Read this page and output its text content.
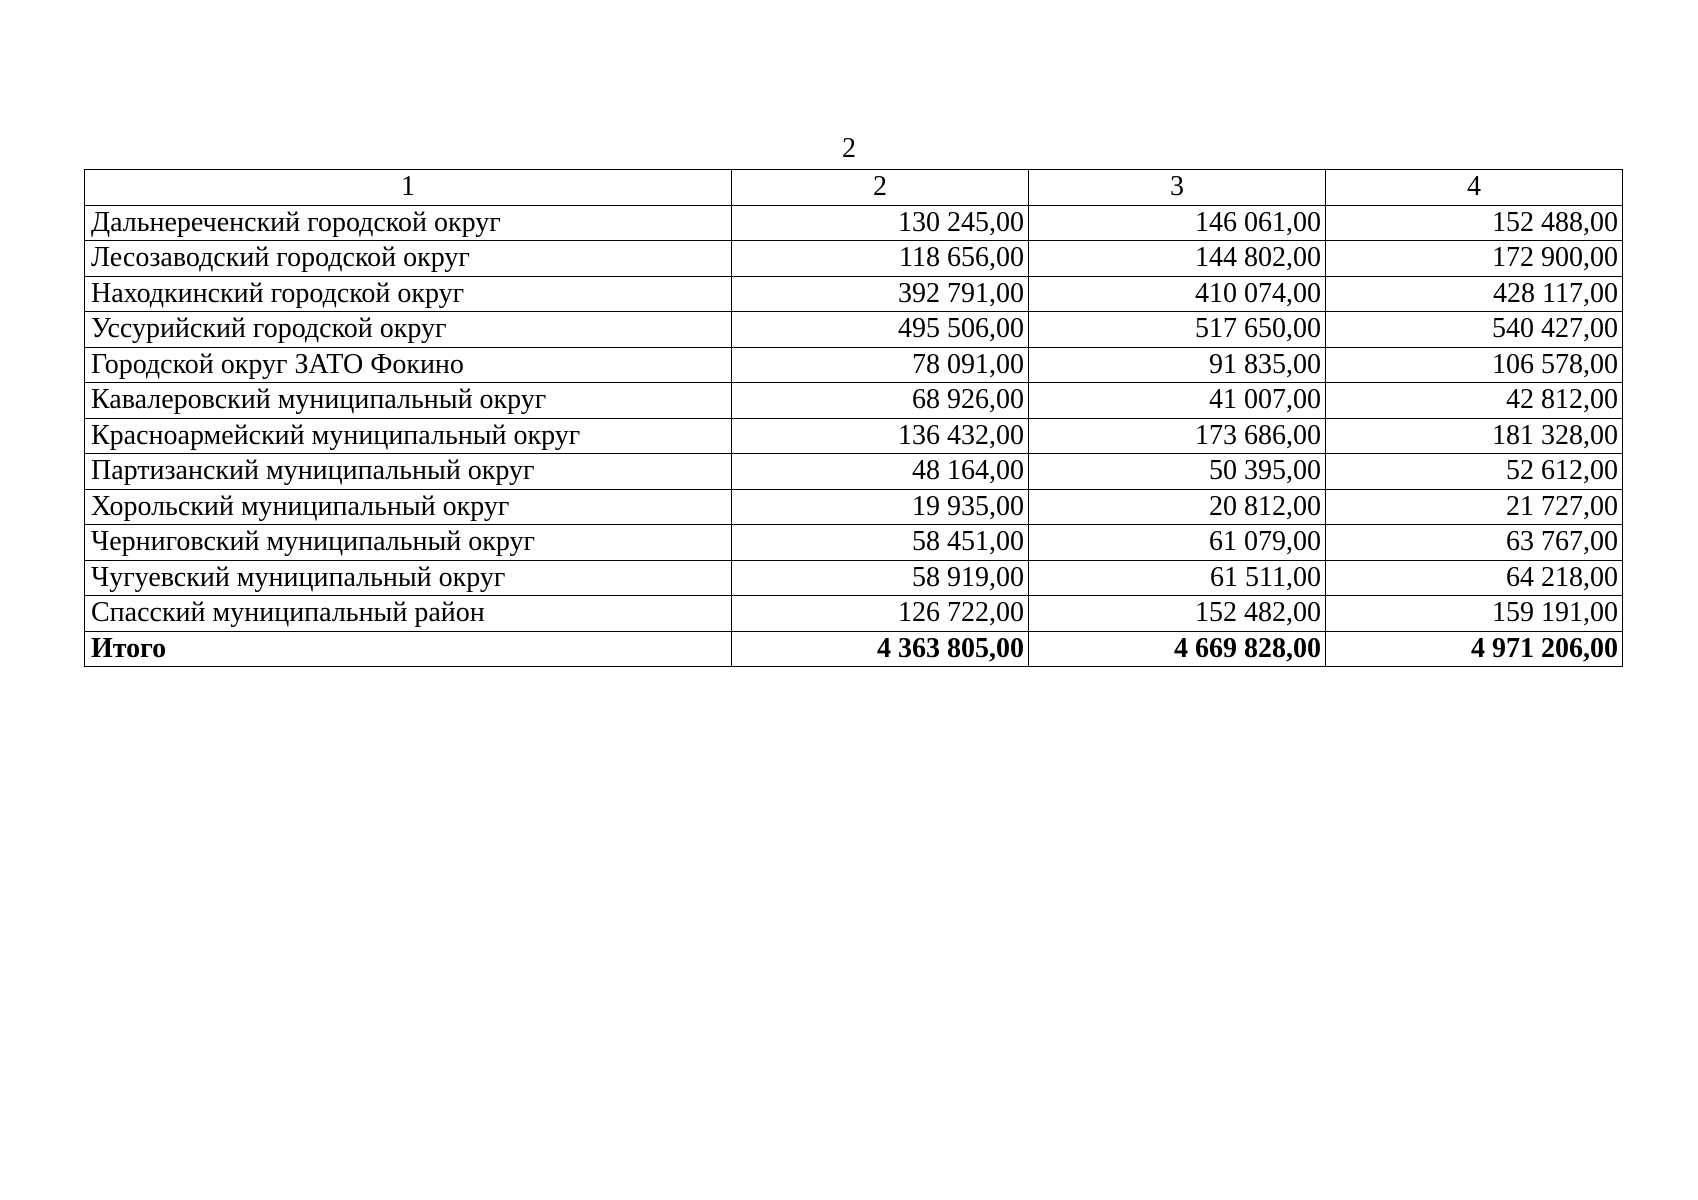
2
1	2	3	4
Дальнереченский городской округ	130 245,00	146 061,00	152 488,00
Лесозаводский городской округ	118 656,00	144 802,00	172 900,00
Находкинский городской округ	392 791,00	410 074,00	428 117,00
Уссурийский городской округ	495 506,00	517 650,00	540 427,00
Городской округ ЗАТО Фокино	78 091,00	91 835,00	106 578,00
Кавалеровский муниципальный округ	68 926,00	41 007,00	42 812,00
Красноармейский муниципальный округ	136 432,00	173 686,00	181 328,00
Партизанский муниципальный округ	48 164,00	50 395,00	52 612,00
Хорольский муниципальный округ	19 935,00	20 812,00	21 727,00
Черниговский муниципальный округ	58 451,00	61 079,00	63 767,00
Чугуевский муниципальный округ	58 919,00	61 511,00	64 218,00
Спасский муниципальный район	126 722,00	152 482,00	159 191,00
Итого	4 363 805,00	4 669 828,00	4 971 206,00
